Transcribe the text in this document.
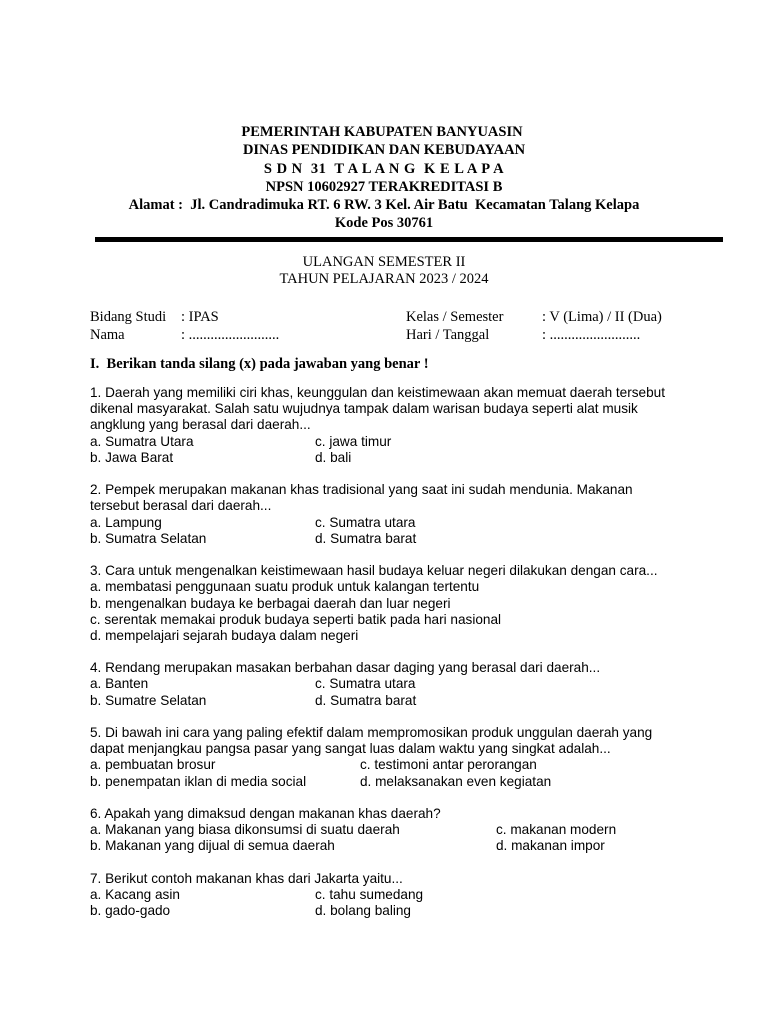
PEMERINTAH KABUPATEN BANYUASIN
DINAS PENDIDIKAN DAN KEBUDAYAAN
S D N  31  T A L A N G  K E L A P A
NPSN 10602927 TERAKREDITASI B
Alamat :  Jl. Candradimuka RT. 6 RW. 3 Kel. Air Batu  Kecamatan Talang Kelapa
Kode Pos 30761
ULANGAN SEMESTER II
TAHUN PELAJARAN 2023 / 2024
Bidang Studi : IPAS	Kelas / Semester	: V (Lima) / II (Dua)
Nama	: .........................	Hari / Tanggal	: .........................
I.  Berikan tanda silang (x) pada jawaban yang benar !
1. Daerah yang memiliki ciri khas, keunggulan dan keistimewaan akan memuat daerah tersebut dikenal masyarakat. Salah satu wujudnya tampak dalam warisan budaya seperti alat musik angklung yang berasal dari daerah...
a. Sumatra Utara	c. jawa timur
b. Jawa Barat	d. bali
2. Pempek merupakan makanan khas tradisional yang saat ini sudah mendunia. Makanan tersebut berasal dari daerah...
a. Lampung	c. Sumatra utara
b. Sumatra Selatan	d. Sumatra barat
3. Cara untuk mengenalkan keistimewaan hasil budaya keluar negeri dilakukan dengan cara...
a. membatasi penggunaan suatu produk untuk kalangan tertentu
b. mengenalkan budaya ke berbagai daerah dan luar negeri
c. serentak memakai produk budaya seperti batik pada hari nasional
d. mempelajari sejarah budaya dalam negeri
4. Rendang merupakan masakan berbahan dasar daging yang berasal dari daerah...
a. Banten	c. Sumatra utara
b. Sumatre Selatan	d. Sumatra barat
5. Di bawah ini cara yang paling efektif dalam mempromosikan produk unggulan daerah yang dapat menjangkau pangsa pasar yang sangat luas dalam waktu yang singkat adalah...
a. pembuatan brosur	c. testimoni antar perorangan
b. penempatan iklan di media social	d. melaksanakan even kegiatan
6. Apakah yang dimaksud dengan makanan khas daerah?
a. Makanan yang biasa dikonsumsi di suatu daerah	c. makanan modern
b. Makanan yang dijual di semua daerah	d. makanan impor
7. Berikut contoh makanan khas dari Jakarta yaitu...
a. Kacang asin	c. tahu sumedang
b. gado-gado	d. bolang baling
